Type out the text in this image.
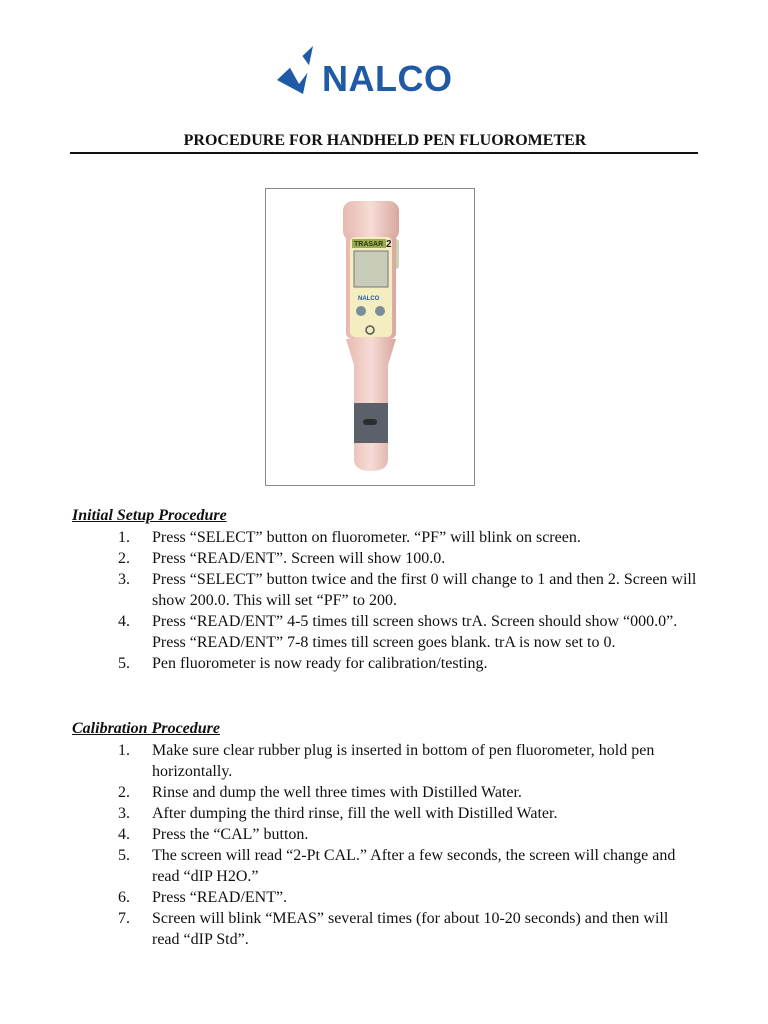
NALCO
PROCEDURE FOR HANDHELD PEN FLUOROMETER
TRASAR 2
NALCO
Initial Setup Procedure
1.	Press “SELECT” button on fluorometer. “PF” will blink on screen.
2.	Press “READ/ENT”. Screen will show 100.0.
3.	Press “SELECT” button twice and the first 0 will change to 1 and then 2. Screen will show 200.0. This will set “PF” to 200.
4.	Press “READ/ENT” 4-5 times till screen shows trA. Screen should show “000.0”. Press “READ/ENT” 7-8 times till screen goes blank. trA is now set to 0.
5.	Pen fluorometer is now ready for calibration/testing.
Calibration Procedure
1.	Make sure clear rubber plug is inserted in bottom of pen fluorometer, hold pen horizontally.
2.	Rinse and dump the well three times with Distilled Water.
3.	After dumping the third rinse, fill the well with Distilled Water.
4.	Press the “CAL” button.
5.	The screen will read “2-Pt CAL.” After a few seconds, the screen will change and read “dIP H2O.”
6.	Press “READ/ENT”.
7.	Screen will blink “MEAS” several times (for about 10-20 seconds) and then will read “dIP Std”.
